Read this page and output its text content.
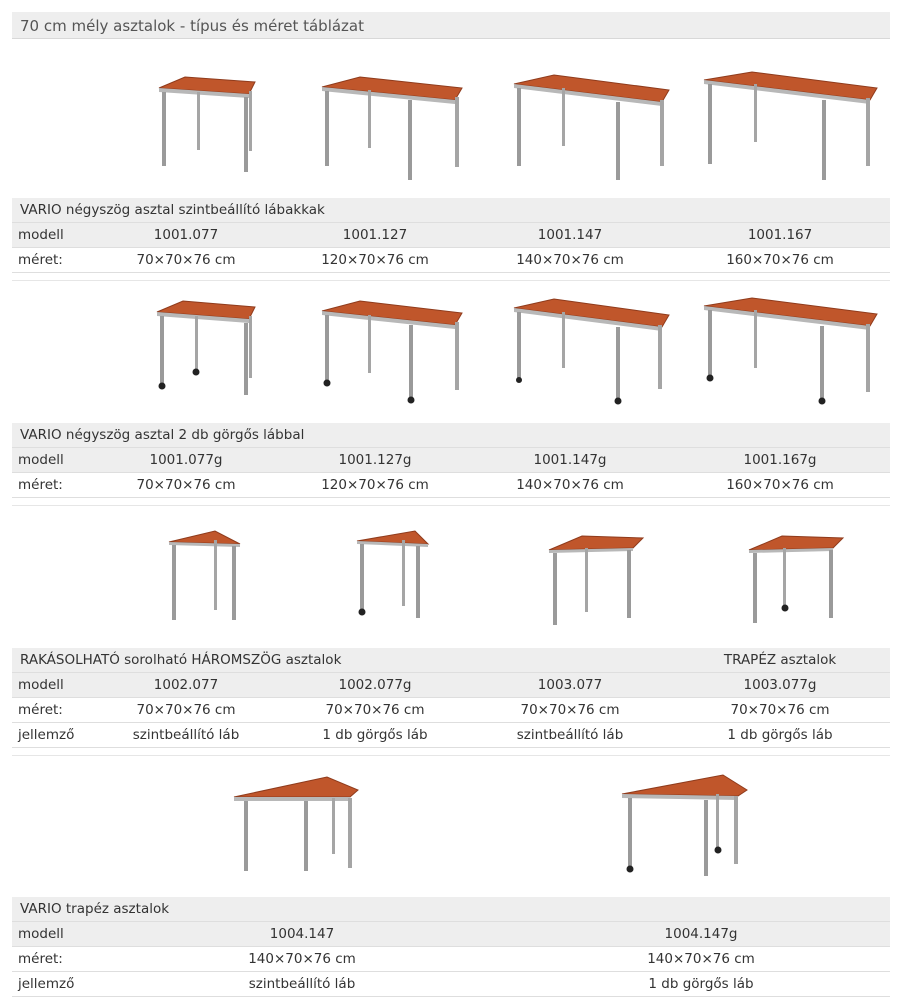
70 cm mély asztalok - típus és méret táblázat
VARIO négyszög asztal szintbeállító lábakkak				
modell	1001.077	1001.127	1001.147	1001.167
méret:	70×70×76 cm	120×70×76 cm	140×70×76 cm	160×70×76 cm

VARIO négyszög asztal 2 db görgős lábbal				
modell	1001.077g	1001.127g	1001.147g	1001.167g
méret:	70×70×76 cm	120×70×76 cm	140×70×76 cm	160×70×76 cm

RAKÁSOLHATÓ sorolható HÁROMSZÖG asztalok				TRAPÉZ asztalok
modell	1002.077	1002.077g	1003.077	1003.077g
méret:	70×70×76 cm	70×70×76 cm	70×70×76 cm	70×70×76 cm
jellemző	szintbeállító láb	1 db görgős láb	szintbeállító láb	1 db görgős láb

VARIO trapéz asztalok		
modell	1004.147	1004.147g
méret:	140×70×76 cm	140×70×76 cm
jellemző	szintbeállító láb	1 db görgős láb
